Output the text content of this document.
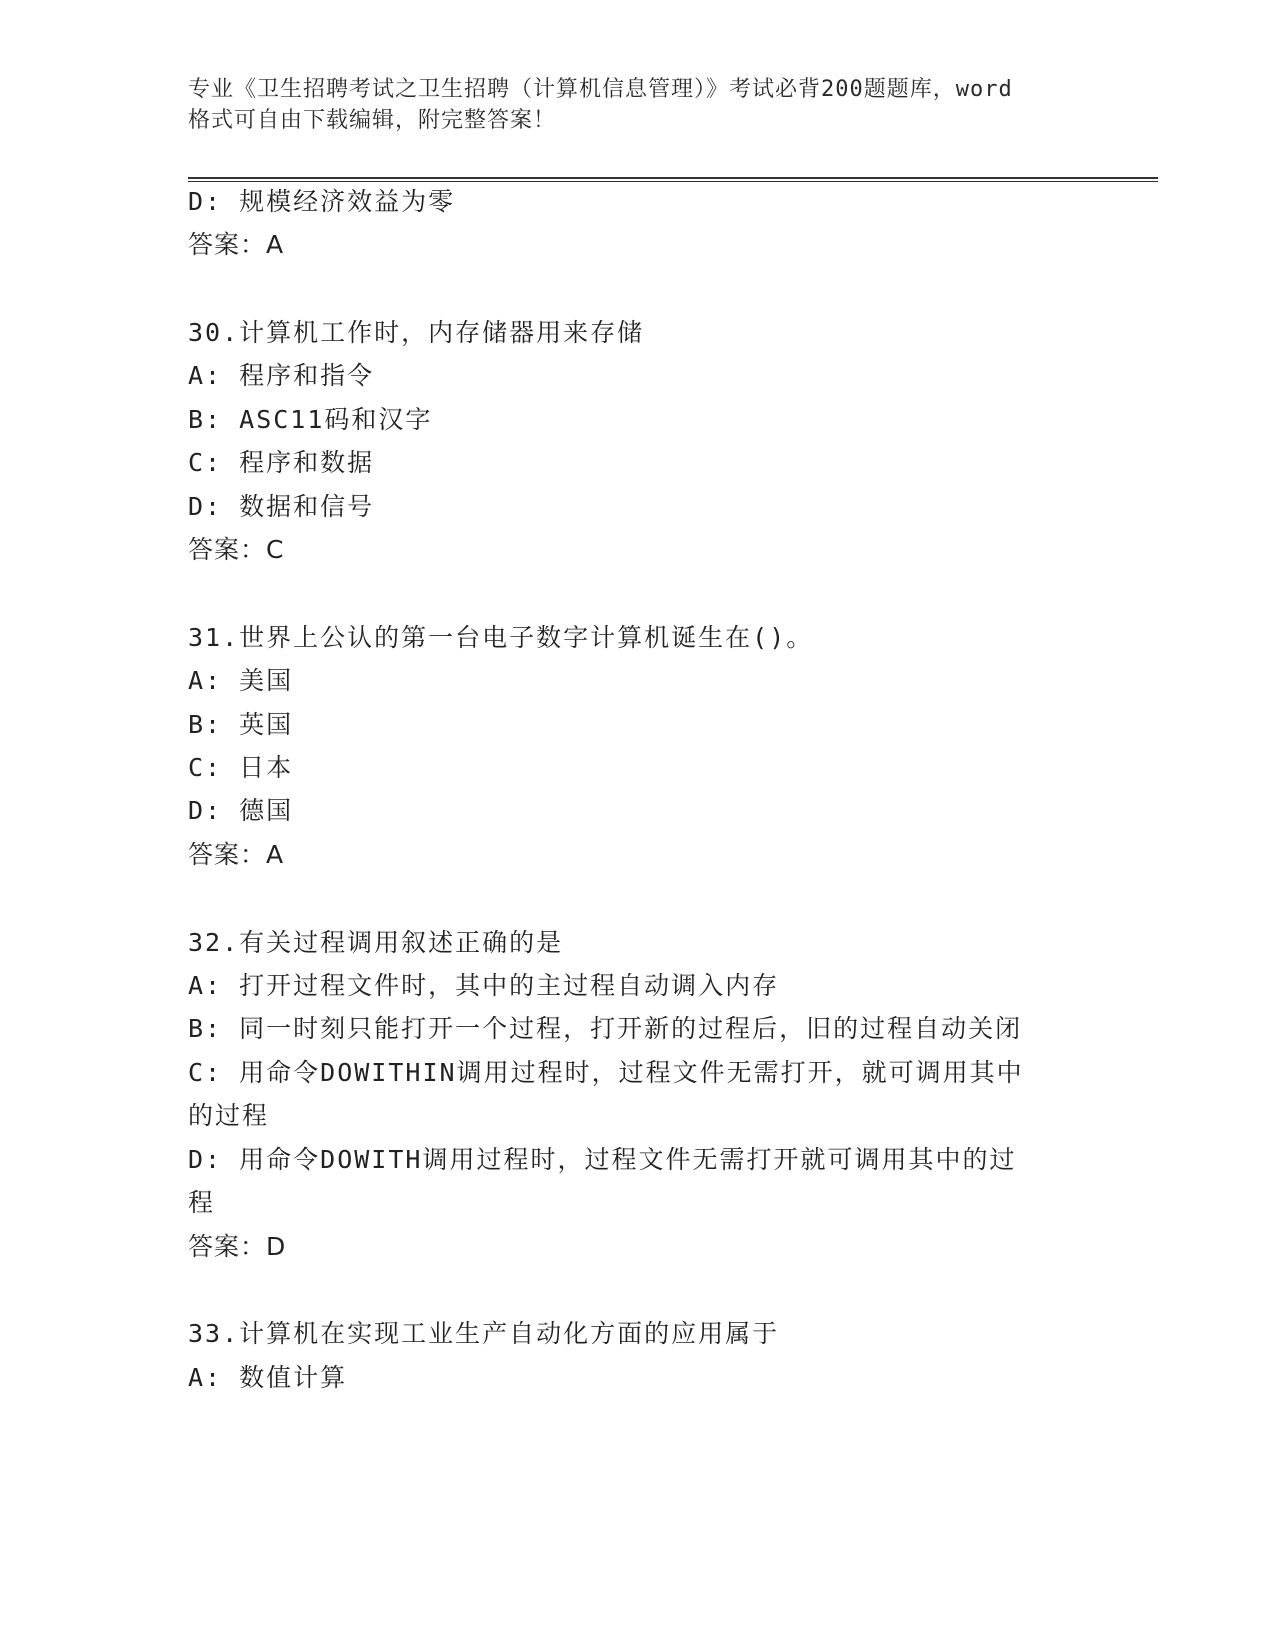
专业《卫生招聘考试之卫生招聘（计算机信息管理）》考试必背200题题库，word
格式可自由下载编辑，附完整答案！

D: 规模经济效益为零

答案：A

30.计算机工作时，内存储器用来存储

A: 程序和指令

B: ASC11码和汉字

C: 程序和数据

D: 数据和信号

答案：C

31.世界上公认的第一台电子数字计算机诞生在()。

A: 美国

B: 英国

C: 日本

D: 德国

答案：A

32.有关过程调用叙述正确的是

A: 打开过程文件时，其中的主过程自动调入内存

B: 同一时刻只能打开一个过程，打开新的过程后，旧的过程自动关闭

C: 用命令DOWITHIN调用过程时，过程文件无需打开，就可调用其中

的过程

D: 用命令DOWITH调用过程时，过程文件无需打开就可调用其中的过

程

答案：D

33.计算机在实现工业生产自动化方面的应用属于

A: 数值计算
